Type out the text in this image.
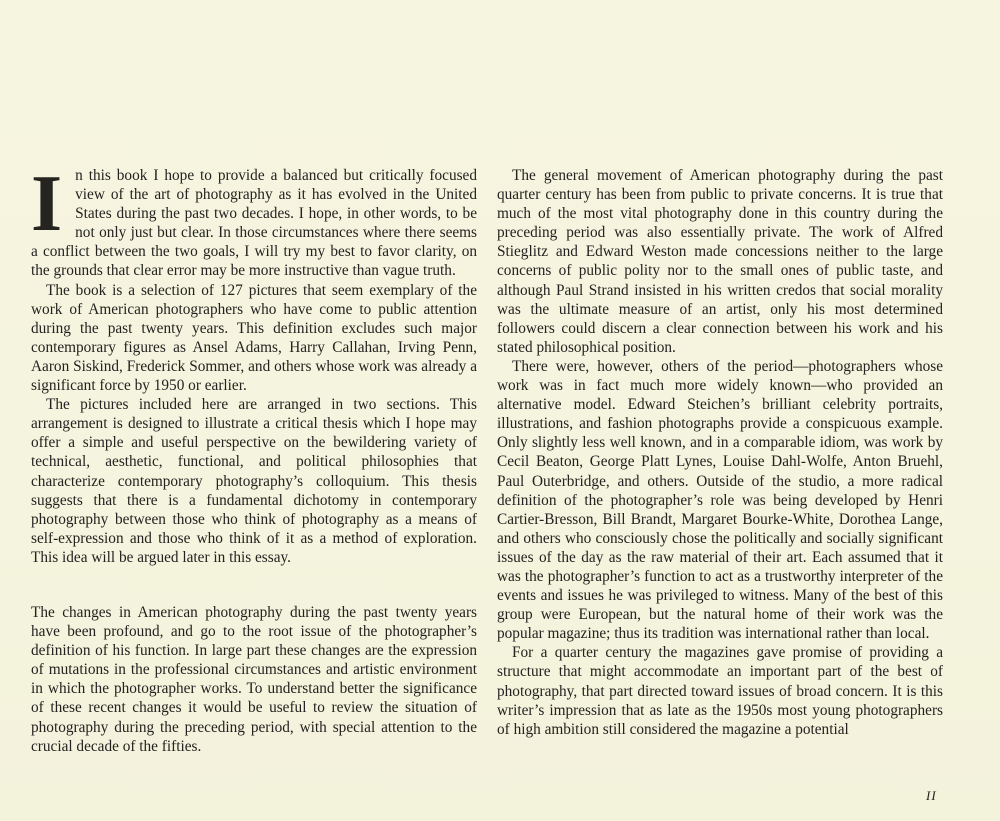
In this book I hope to provide a balanced but critically focused view of the art of photography as it has evolved in the United States during the past two decades. I hope, in other words, to be not only just but clear. In those circumstances where there seems a conflict between the two goals, I will try my best to favor clarity, on the grounds that clear error may be more instructive than vague truth.

The book is a selection of 127 pictures that seem exemplary of the work of American photographers who have come to public attention during the past twenty years. This definition excludes such major contemporary figures as Ansel Adams, Harry Callahan, Irving Penn, Aaron Siskind, Frederick Sommer, and others whose work was already a significant force by 1950 or earlier.

The pictures included here are arranged in two sections. This arrangement is designed to illustrate a critical thesis which I hope may offer a simple and useful perspective on the bewildering variety of technical, aesthetic, functional, and political philosophies that characterize contemporary photography’s colloquium. This thesis suggests that there is a fundamental dichotomy in contemporary photography between those who think of photography as a means of self-expression and those who think of it as a method of exploration. This idea will be argued later in this essay.

The changes in American photography during the past twenty years have been profound, and go to the root issue of the photographer’s definition of his function. In large part these changes are the expression of mutations in the professional circumstances and artistic environment in which the photographer works. To understand better the significance of these recent changes it would be useful to review the situation of photography during the preceding period, with special attention to the crucial decade of the fifties.

The general movement of American photography during the past quarter century has been from public to private concerns. It is true that much of the most vital photography done in this country during the preceding period was also essentially private. The work of Alfred Stieglitz and Edward Weston made concessions neither to the large concerns of public polity nor to the small ones of public taste, and although Paul Strand insisted in his written credos that social morality was the ultimate measure of an artist, only his most determined followers could discern a clear connection between his work and his stated philosophical position.

There were, however, others of the period—photographers whose work was in fact much more widely known—who provided an alternative model. Edward Steichen’s brilliant celebrity portraits, illustrations, and fashion photographs provide a conspicuous example. Only slightly less well known, and in a comparable idiom, was work by Cecil Beaton, George Platt Lynes, Louise Dahl-Wolfe, Anton Bruehl, Paul Outerbridge, and others. Outside of the studio, a more radical definition of the photographer’s role was being developed by Henri Cartier-Bresson, Bill Brandt, Margaret Bourke-White, Dorothea Lange, and others who consciously chose the politically and socially significant issues of the day as the raw material of their art. Each assumed that it was the photographer’s function to act as a trustworthy interpreter of the events and issues he was privileged to witness. Many of the best of this group were European, but the natural home of their work was the popular magazine; thus its tradition was international rather than local.

For a quarter century the magazines gave promise of providing a structure that might accommodate an important part of the best of photography, that part directed toward issues of broad concern. It is this writer’s impression that as late as the 1950s most young photographers of high ambition still considered the magazine a potential

II
